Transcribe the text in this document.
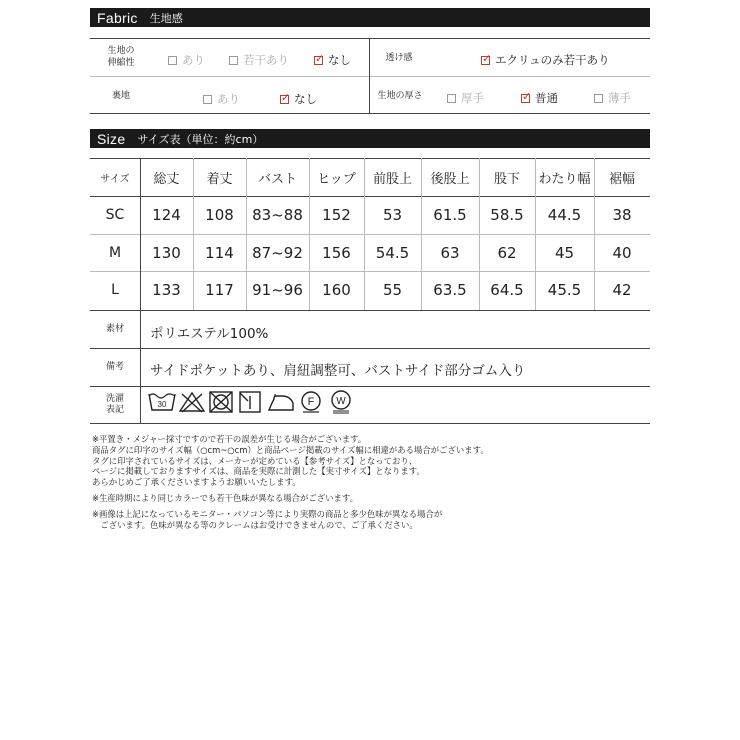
Fabric 生地感
生地の伸縮性	あり	若干あり ✓	なし	透け感 ✓	エクリュのみ若干あり
裏地	あり ✓	なし	生地の厚さ	厚手 ✓	普通	薄手
Size サイズ表（単位：約cm）
サイズ	総丈	着丈	バスト	ヒップ	前股上	後股上	股下	わたり幅	裾幅
SC	124	108	83~88	152	53	61.5	58.5	44.5	38
M	130	114	87~92	156	54.5	63	62	45	40
L	133	117	91~96	160	55	63.5	64.5	45.5	42
素材	ポリエステル100%
備考	サイドポケットあり、肩紐調整可、バストサイド部分ゴム入り
洗濯表記	30	F W
※平置き・メジャー採寸ですので若干の誤差が生じる場合がございます。
商品タグに印字のサイズ幅（○cm~○cm）と商品ページ掲載のサイズ幅に相違がある場合がございます。
タグに印字されているサイズは、メーカーが定めている【参考サイズ】となっており、
ページに掲載しておりますサイズは、商品を実際に計測した【実寸サイズ】となります。
あらかじめご了承くださいますようお願いいたします。
※生産時期により同じカラーでも若干色味が異なる場合がございます。
※画像は上記になっているモニター・パソコン等により実際の商品と多少色味が異なる場合が
　ございます。色味が異なる等のクレームはお受けできませんので、ご了承ください。
